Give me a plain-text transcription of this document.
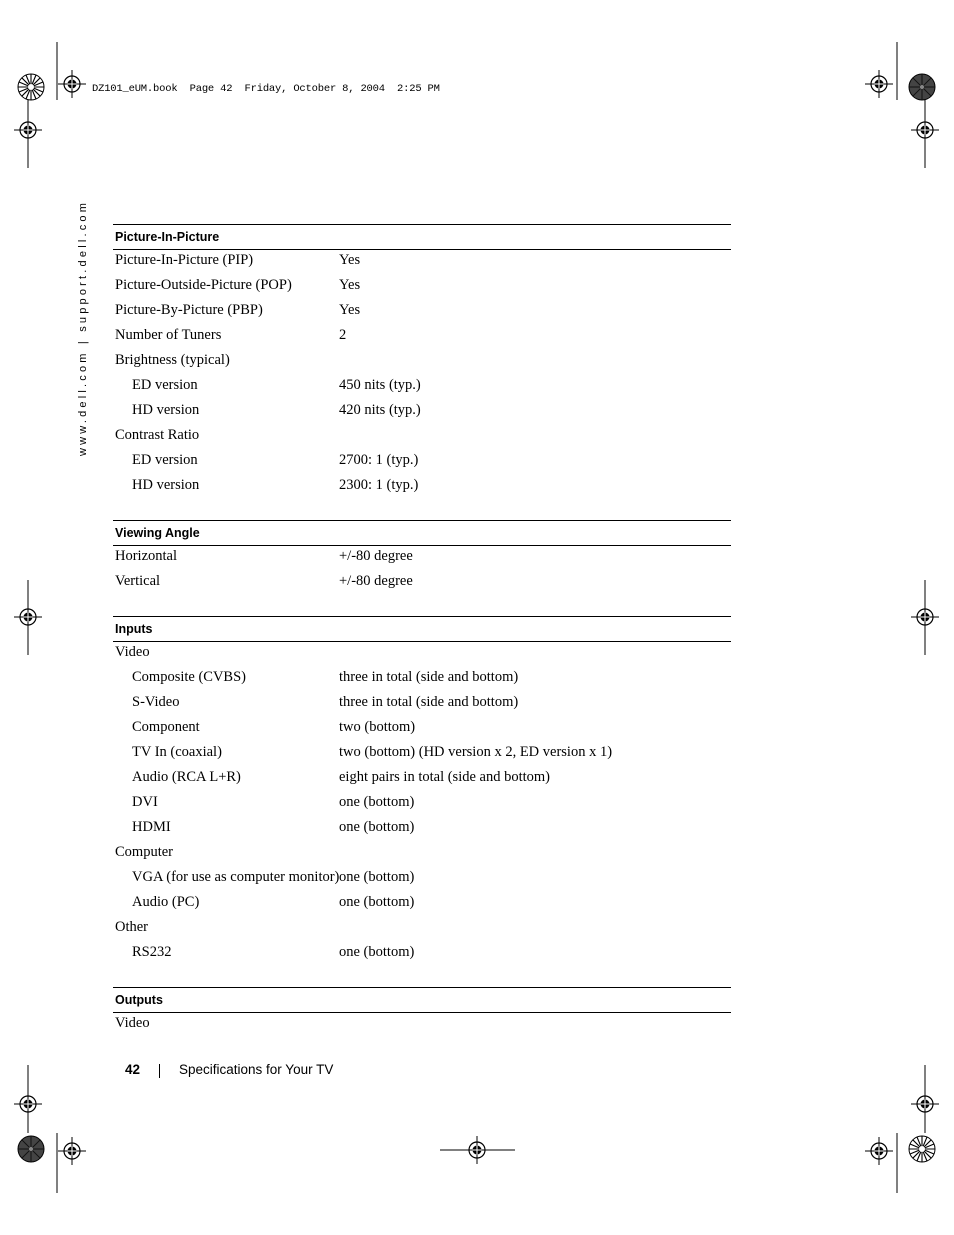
DZ101_eUM.book  Page 42  Friday, October 8, 2004  2:25 PM
www.dell.com | support.dell.com Picture-In-Picture
Picture-In-Picture (PIP)	Yes
Picture-Outside-Picture (POP)	Yes
Picture-By-Picture (PBP)	Yes
Number of Tuners	2
Brightness (typical)
ED version	450 nits (typ.)
HD version	420 nits (typ.)
Contrast Ratio
ED version	2700: 1 (typ.)
HD version	2300: 1 (typ.)
Viewing Angle
Horizontal	+/-80 degree
Vertical	+/-80 degree
Inputs
Video
Composite (CVBS)	three in total (side and bottom)
S-Video	three in total (side and bottom)
Component	two (bottom)
TV In (coaxial)	two (bottom) (HD version x 2, ED version x 1)
Audio (RCA L+R)	eight pairs in total (side and bottom)
DVI	one (bottom)
HDMI	one (bottom)
Computer
VGA (for use as computer monitor) one (bottom)
Audio (PC)	one (bottom)
Other
RS232	one (bottom)
Outputs
Video
42	Specifications for Your TV
